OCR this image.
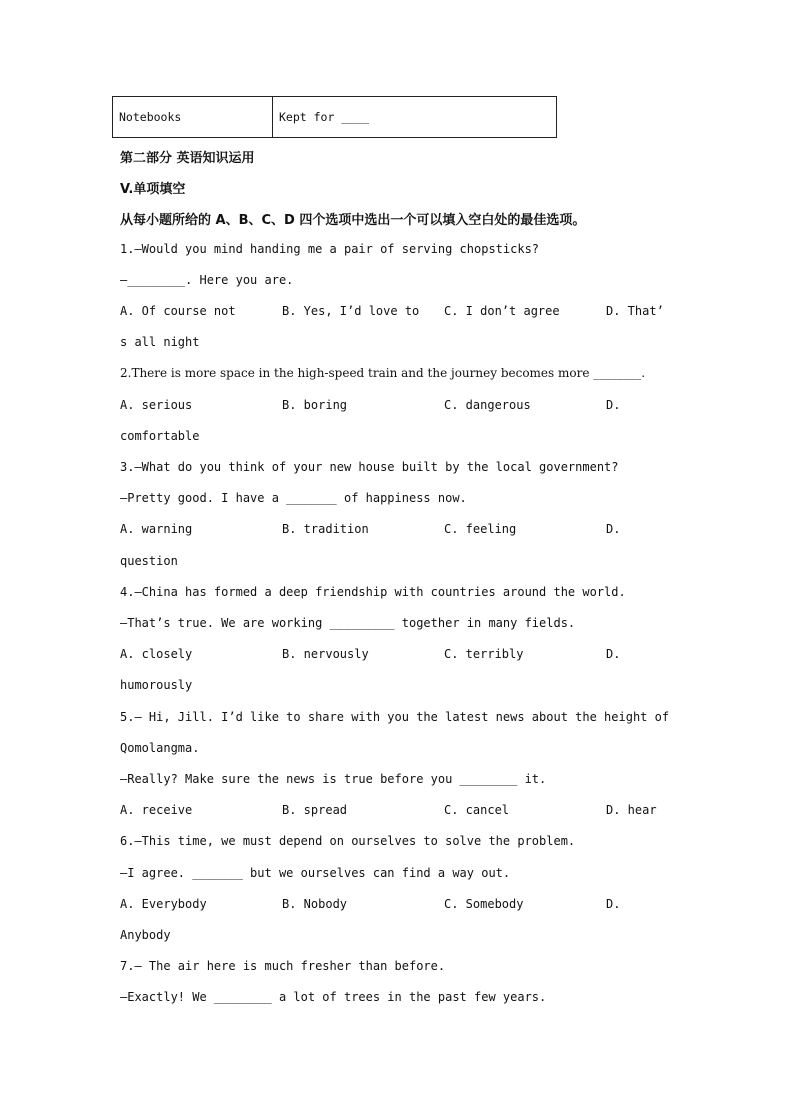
Notebooks	Kept for ____
第二部分 英语知识运用
V.单项填空
从每小题所给的 A、B、C、D 四个选项中选出一个可以填入空白处的最佳选项。
1.—Would you mind handing me a pair of serving chopsticks?
—________. Here you are.
A. Of course not	B. Yes, I’d love to C. I don’t agree	D. That’
s all night
2.There is more space in the high-speed train and the journey becomes more ________.
A. serious	B. boring	C. dangerous	D.
comfortable
3.—What do you think of your new house built by the local government?
—Pretty good. I have a _______ of happiness now.
A. warning	B. tradition	C. feeling	D.
question
4.—China has formed a deep friendship with countries around the world.
—That’s true. We are working _________ together in many fields.
A. closely	B. nervously	C. terribly	D.
humorously
5.— Hi, Jill. I’d like to share with you the latest news about the height of
Qomolangma.
—Really? Make sure the news is true before you ________ it.
A. receive	B. spread	C. cancel	D. hear
6.—This time, we must depend on ourselves to solve the problem.
—I agree. _______ but we ourselves can find a way out.
A. Everybody	B. Nobody	C. Somebody	D.
Anybody
7.— The air here is much fresher than before.
—Exactly! We ________ a lot of trees in the past few years.
